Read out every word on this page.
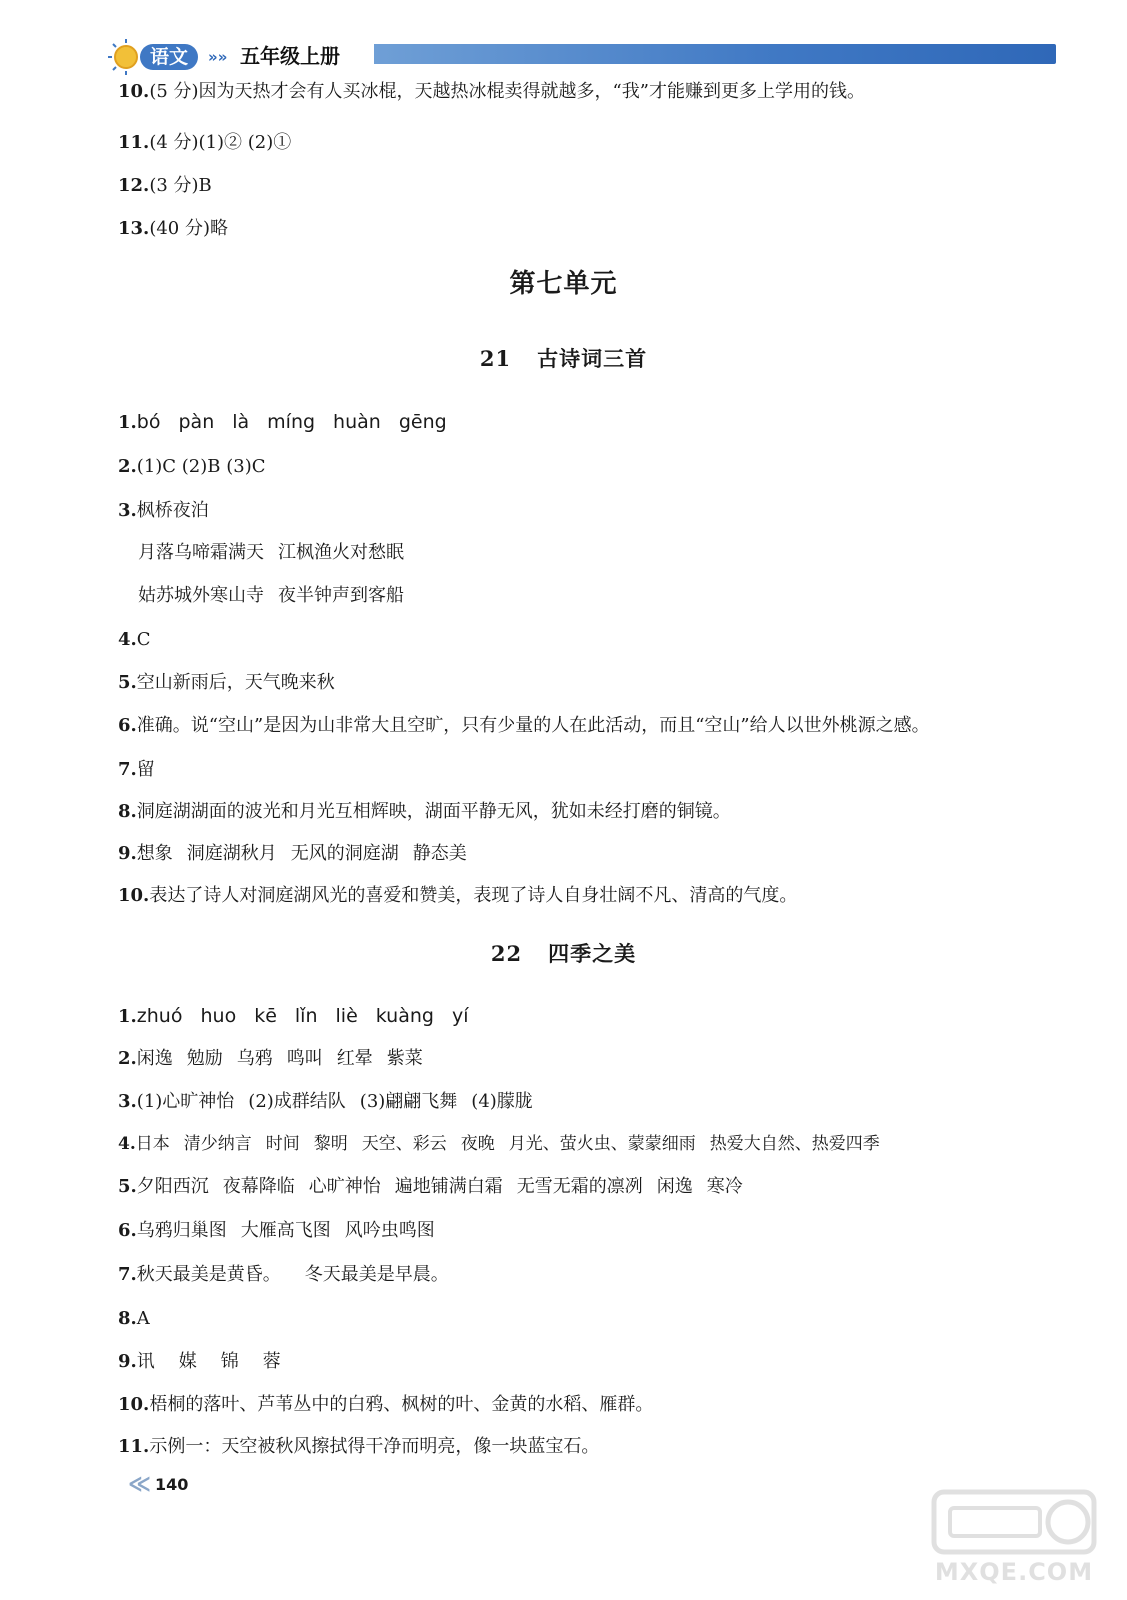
语文	»» 五年级上册
10.(5 分)因为天热才会有人买冰棍，天越热冰棍卖得就越多，“我”才能赚到更多上学用的钱。
11.(4 分)(1)② (2)①
12.(3 分)B
13.(40 分)略
第七单元
21 古诗词三首
1.bó pàn là míng huàn gēng
2.(1)C (2)B (3)C
3.枫桥夜泊
月落乌啼霜满天 江枫渔火对愁眠
姑苏城外寒山寺 夜半钟声到客船
4.C
5.空山新雨后，天气晚来秋
6.准确。说“空山”是因为山非常大且空旷，只有少量的人在此活动，而且“空山”给人以世外桃源之感。
7.留
8.洞庭湖湖面的波光和月光互相辉映，湖面平静无风，犹如未经打磨的铜镜。
9.想象 洞庭湖秋月 无风的洞庭湖 静态美
10.表达了诗人对洞庭湖风光的喜爱和赞美，表现了诗人自身壮阔不凡、清高的气度。
22 四季之美
1.zhuó huo kē lǐn liè kuàng yí
2.闲逸 勉励 乌鸦 鸣叫 红晕 紫菜
3.(1)心旷神怡 (2)成群结队 (3)翩翩飞舞 (4)朦胧
4.日本 清少纳言 时间 黎明 天空、彩云 夜晚 月光、萤火虫、蒙蒙细雨 热爱大自然、热爱四季
5.夕阳西沉 夜幕降临 心旷神怡 遍地铺满白霜 无雪无霜的凛冽 闲逸 寒冷
6.乌鸦归巢图 大雁高飞图 风吟虫鸣图
7.秋天最美是黄昏。 冬天最美是早晨。
8.A
9.讯 媒 锦 蓉
10.梧桐的落叶、芦苇丛中的白鸦、枫树的叶、金黄的水稻、雁群。
11.示例一：天空被秋风擦拭得干净而明亮，像一块蓝宝石。
≪ 140
MXQE.COM
